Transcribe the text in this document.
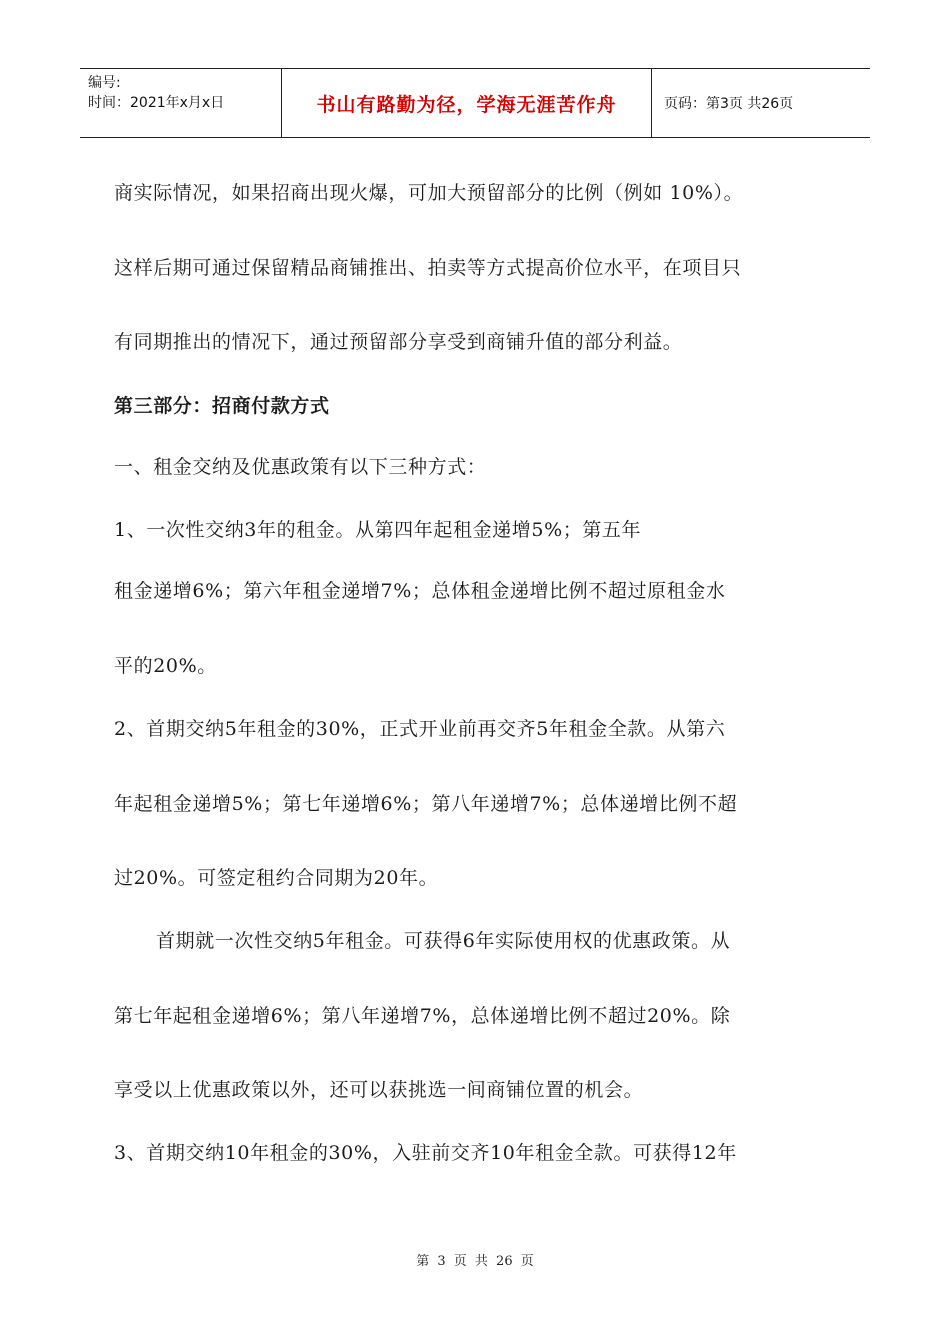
编号:
时间：2021年x月x日	书山有路勤为径，学海无涯苦作舟	页码：第3页 共26页
商实际情况，如果招商出现火爆，可加大预留部分的比例（例如 10%）。
这样后期可通过保留精品商铺推出、拍卖等方式提高价位水平，在项目只
有同期推出的情况下，通过预留部分享受到商铺升值的部分利益。
第三部分：招商付款方式
一、租金交纳及优惠政策有以下三种方式：
1、一次性交纳3年的租金。从第四年起租金递增5%；第五年
租金递增6%；第六年租金递增7%；总体租金递增比例不超过原租金水
平的20%。
2、首期交纳5年租金的30%，正式开业前再交齐5年租金全款。从第六
年起租金递增5%；第七年递增6%；第八年递增7%；总体递增比例不超
过20%。可签定租约合同期为20年。
首期就一次性交纳5年租金。可获得6年实际使用权的优惠政策。从
第七年起租金递增6%；第八年递增7%，总体递增比例不超过20%。除
享受以上优惠政策以外，还可以获挑选一间商铺位置的机会。
3、首期交纳10年租金的30%，入驻前交齐10年租金全款。可获得12年
第 3 页 共 26 页
